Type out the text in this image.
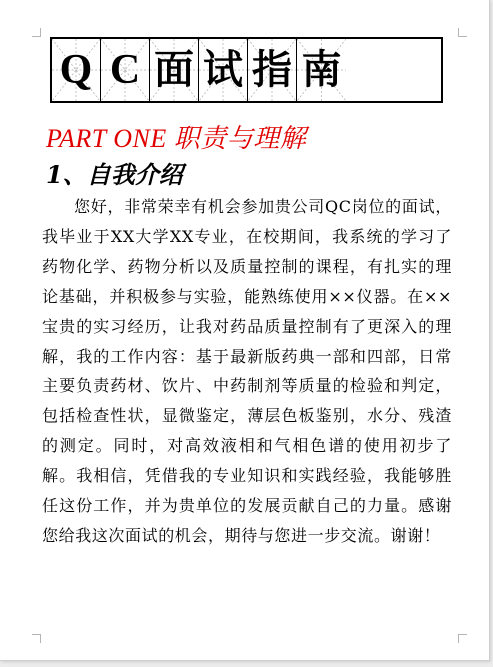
Q C 面 试 指 南
PART ONE 职责与理解
1、自我介绍

您好，非常荣幸有机会参加贵公司QC岗位的面试，我毕业于XX大学XX专业，在校期间，我系统的学习了药物化学、药物分析以及质量控制的课程，有扎实的理论基础，并积极参与实验，能熟练使用××仪器。在××宝贵的实习经历，让我对药品质量控制有了更深入的理解，我的工作内容：基于最新版药典一部和四部，日常主要负责药材、饮片、中药制剂等质量的检验和判定，包括检查性状，显微鉴定，薄层色板鉴别，水分、残渣的测定。同时，对高效液相和气相色谱的使用初步了解。我相信，凭借我的专业知识和实践经验，我能够胜任这份工作，并为贵单位的发展贡献自己的力量。感谢您给我这次面试的机会，期待与您进一步交流。谢谢！
